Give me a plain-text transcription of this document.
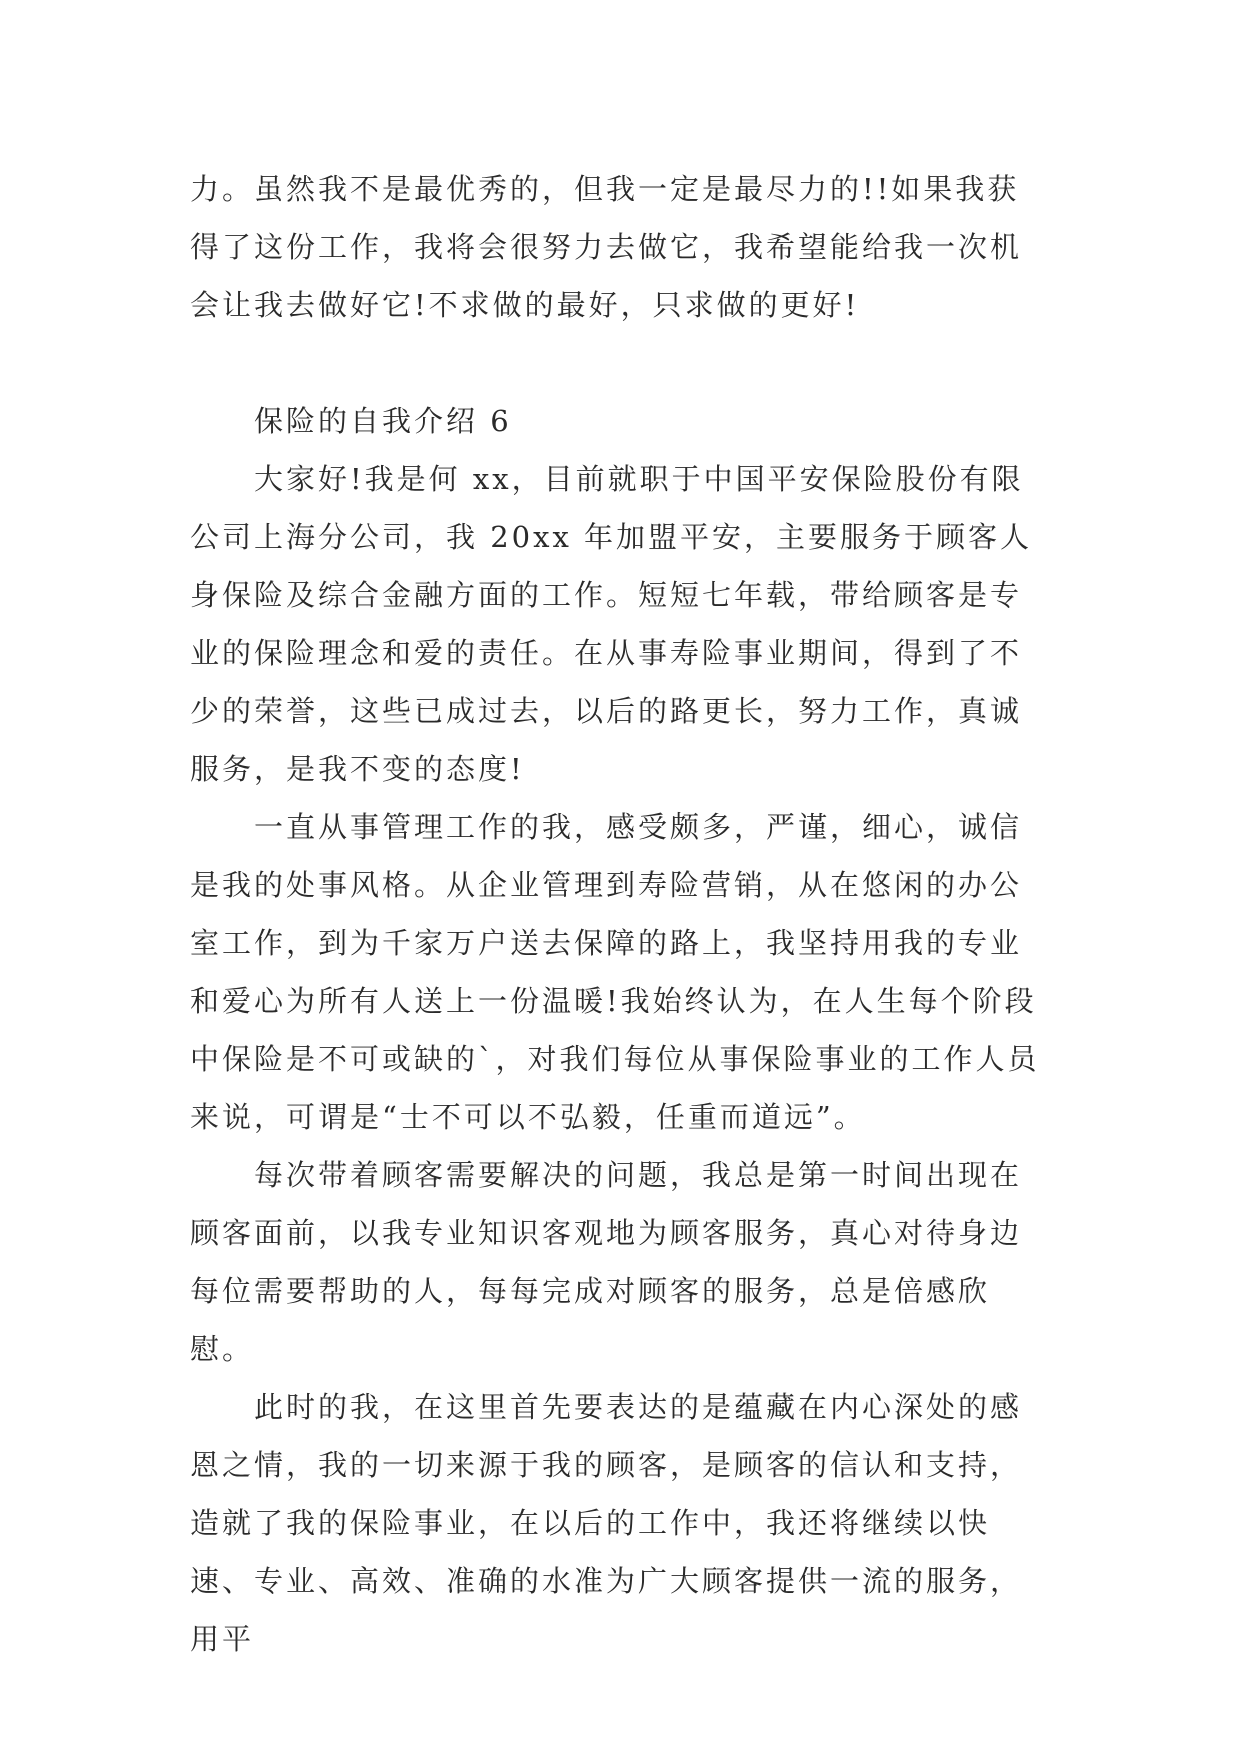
力。虽然我不是最优秀的，但我一定是最尽力的!!如果我获得了这份工作，我将会很努力去做它，我希望能给我一次机会让我去做好它!不求做的最好，只求做的更好!

保险的自我介绍 6

大家好!我是何 xx，目前就职于中国平安保险股份有限公司上海分公司，我 20xx 年加盟平安，主要服务于顾客人身保险及综合金融方面的工作。短短七年载，带给顾客是专业的保险理念和爱的责任。在从事寿险事业期间，得到了不少的荣誉，这些已成过去，以后的路更长，努力工作，真诚服务，是我不变的态度!

一直从事管理工作的我，感受颇多，严谨，细心，诚信是我的处事风格。从企业管理到寿险营销，从在悠闲的办公室工作，到为千家万户送去保障的路上，我坚持用我的专业和爱心为所有人送上一份温暖!我始终认为，在人生每个阶段中保险是不可或缺的`，对我们每位从事保险事业的工作人员来说，可谓是“士不可以不弘毅，任重而道远”。

每次带着顾客需要解决的问题，我总是第一时间出现在顾客面前，以我专业知识客观地为顾客服务，真心对待身边每位需要帮助的人，每每完成对顾客的服务，总是倍感欣慰。

此时的我，在这里首先要表达的是蕴藏在内心深处的感恩之情，我的一切来源于我的顾客，是顾客的信认和支持，造就了我的保险事业，在以后的工作中，我还将继续以快速、专业、高效、准确的水准为广大顾客提供一流的服务，用平
